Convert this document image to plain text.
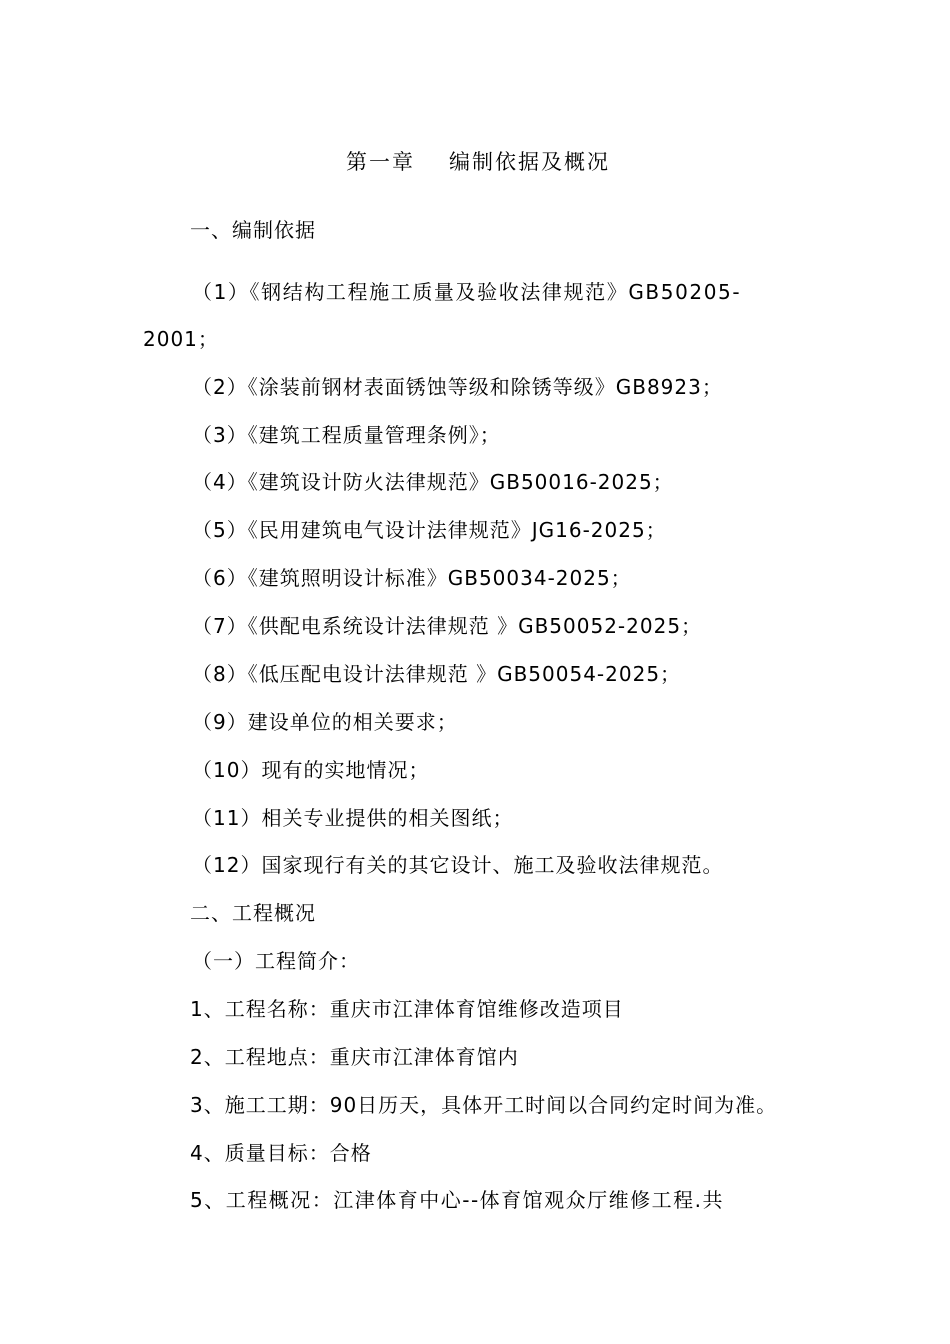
第一章 编制依据及概况
一、编制依据
（1）《钢结构工程施工质量及验收法律规范》GB50205-
2001；
（2）《涂装前钢材表面锈蚀等级和除锈等级》GB8923；
（3）《建筑工程质量管理条例》；
（4）《建筑设计防火法律规范》GB50016-2025；
（5）《民用建筑电气设计法律规范》JG16-2025；
（6）《建筑照明设计标准》GB50034-2025；
（7）《供配电系统设计法律规范 》GB50052-2025；
（8）《低压配电设计法律规范 》GB50054-2025；
（9）建设单位的相关要求；
（10）现有的实地情况；
（11）相关专业提供的相关图纸；
（12）国家现行有关的其它设计、施工及验收法律规范。
二、工程概况
（一）工程简介：
1、工程名称：重庆市江津体育馆维修改造项目
2、工程地点：重庆市江津体育馆内
3、施工工期：90日历天，具体开工时间以合同约定时间为准。
4、质量目标：合格
5、工程概况：江津体育中心--体育馆观众厅维修工程.共
